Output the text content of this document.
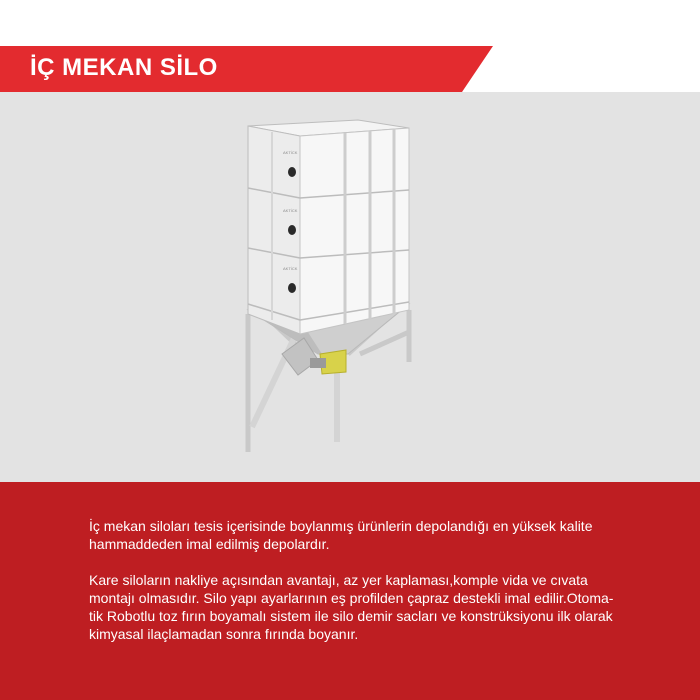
İÇ MEKAN SİLO
AKTİCK
AKTİCK
AKTİCK

İç mekan siloları tesis içerisinde boylanmış ürünlerin depolandığı en yüksek kalite
hammaddeden imal edilmiş depolardır.

Kare siloların nakliye açısından avantajı, az yer kaplaması,komple vida ve cıvata
montajı olmasıdır. Silo yapı ayarlarının eş profilden çapraz destekli imal edilir.Otoma-
tik Robotlu toz fırın boyamalı sistem ile silo demir sacları ve konstrüksiyonu ilk olarak
kimyasal ilaçlamadan sonra fırında boyanır.
